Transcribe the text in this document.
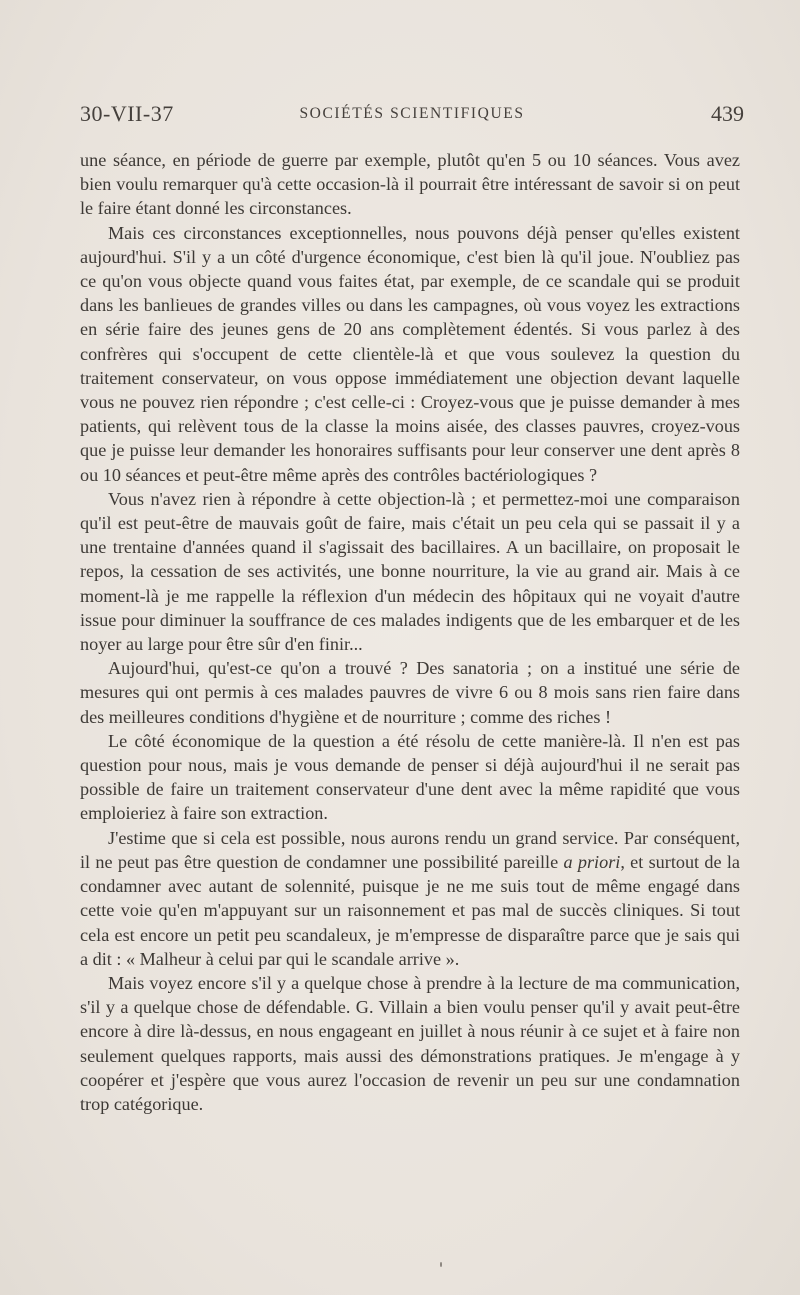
30-VII-37	SOCIÉTÉS SCIENTIFIQUES	439

une séance, en période de guerre par exemple, plutôt qu'en 5 ou 10 séances. Vous avez bien voulu remarquer qu'à cette occasion-là il pourrait être intéressant de savoir si on peut le faire étant donné les circonstances.

Mais ces circonstances exceptionnelles, nous pouvons déjà penser qu'elles existent aujourd'hui. S'il y a un côté d'urgence économique, c'est bien là qu'il joue. N'oubliez pas ce qu'on vous objecte quand vous faites état, par exemple, de ce scandale qui se produit dans les banlieues de grandes villes ou dans les campagnes, où vous voyez les extractions en série faire des jeunes gens de 20 ans complètement édentés. Si vous parlez à des confrères qui s'occupent de cette clientèle-là et que vous soulevez la question du traitement conservateur, on vous oppose immédiatement une objection devant laquelle vous ne pouvez rien répondre ; c'est celle-ci : Croyez-vous que je puisse demander à mes patients, qui relèvent tous de la classe la moins aisée, des classes pauvres, croyez-vous que je puisse leur demander les honoraires suffisants pour leur conserver une dent après 8 ou 10 séances et peut-être même après des contrôles bactériologiques ?

Vous n'avez rien à répondre à cette objection-là ; et permettez-moi une comparaison qu'il est peut-être de mauvais goût de faire, mais c'était un peu cela qui se passait il y a une trentaine d'années quand il s'agissait des bacillaires. A un bacillaire, on proposait le repos, la cessation de ses activités, une bonne nourriture, la vie au grand air. Mais à ce moment-là je me rappelle la réflexion d'un médecin des hôpitaux qui ne voyait d'autre issue pour diminuer la souffrance de ces malades indigents que de les embarquer et de les noyer au large pour être sûr d'en finir...

Aujourd'hui, qu'est-ce qu'on a trouvé ? Des sanatoria ; on a institué une série de mesures qui ont permis à ces malades pauvres de vivre 6 ou 8 mois sans rien faire dans des meilleures conditions d'hygiène et de nourriture ; comme des riches !

Le côté économique de la question a été résolu de cette manière-là. Il n'en est pas question pour nous, mais je vous demande de penser si déjà aujourd'hui il ne serait pas possible de faire un traitement conservateur d'une dent avec la même rapidité que vous emploieriez à faire son extraction.

J'estime que si cela est possible, nous aurons rendu un grand service. Par conséquent, il ne peut pas être question de condamner une possibilité pareille a priori, et surtout de la condamner avec autant de solennité, puisque je ne me suis tout de même engagé dans cette voie qu'en m'appuyant sur un raisonnement et pas mal de succès cliniques. Si tout cela est encore un petit peu scandaleux, je m'empresse de disparaître parce que je sais qui a dit : « Malheur à celui par qui le scandale arrive ».

Mais voyez encore s'il y a quelque chose à prendre à la lecture de ma communication, s'il y a quelque chose de défendable. G. Villain a bien voulu penser qu'il y avait peut-être encore à dire là-dessus, en nous engageant en juillet à nous réunir à ce sujet et à faire non seulement quelques rapports, mais aussi des démonstrations pratiques. Je m'engage à y coopérer et j'espère que vous aurez l'occasion de revenir un peu sur une condamnation trop catégorique.
